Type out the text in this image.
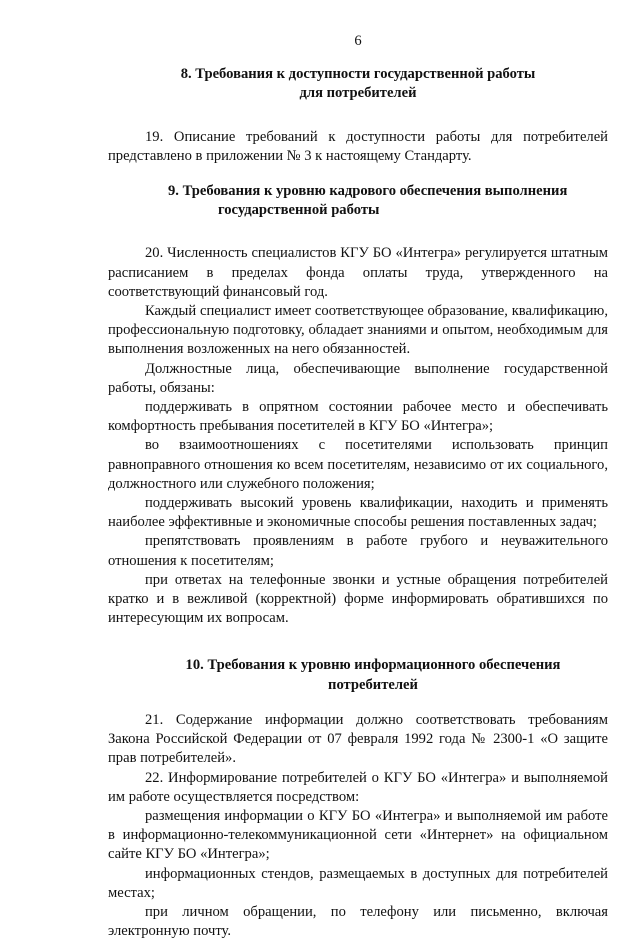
6
8. Требования к доступности государственной работы
для потребителей

19. Описание требований к доступности работы для потребителей представлено в приложении № 3 к настоящему Стандарту.

9. Требования к уровню кадрового обеспечения выполнения
государственной работы

20. Численность специалистов КГУ БО «Интегра» регулируется штатным расписанием в пределах фонда оплаты труда, утвержденного на соответствующий финансовый год.

Каждый специалист имеет соответствующее образование, квалификацию, профессиональную подготовку, обладает знаниями и опытом, необходимым для выполнения возложенных на него обязанностей.

Должностные лица, обеспечивающие выполнение государственной работы, обязаны:

поддерживать в опрятном состоянии рабочее место и обеспечивать комфортность пребывания посетителей в КГУ БО «Интегра»;

во взаимоотношениях с посетителями использовать принцип равноправного отношения ко всем посетителям, независимо от их социального, должностного или служебного положения;

поддерживать высокий уровень квалификации, находить и применять наиболее эффективные и экономичные способы решения поставленных задач;

препятствовать проявлениям в работе грубого и неуважительного отношения к посетителям;

при ответах на телефонные звонки и устные обращения потребителей кратко и в вежливой (корректной) форме информировать обратившихся по интересующим их вопросам.

10. Требования к уровню информационного обеспечения
потребителей

21. Содержание информации должно соответствовать требованиям Закона Российской Федерации от 07 февраля 1992 года № 2300-1 «О защите прав потребителей».

22. Информирование потребителей о КГУ БО «Интегра» и выполняемой им работе осуществляется посредством:

размещения информации о КГУ БО «Интегра» и выполняемой им работе в информационно-телекоммуникационной сети «Интернет» на официальном сайте КГУ БО «Интегра»;

информационных стендов, размещаемых в доступных для потребителей местах;

при личном обращении, по телефону или письменно, включая электронную почту.
